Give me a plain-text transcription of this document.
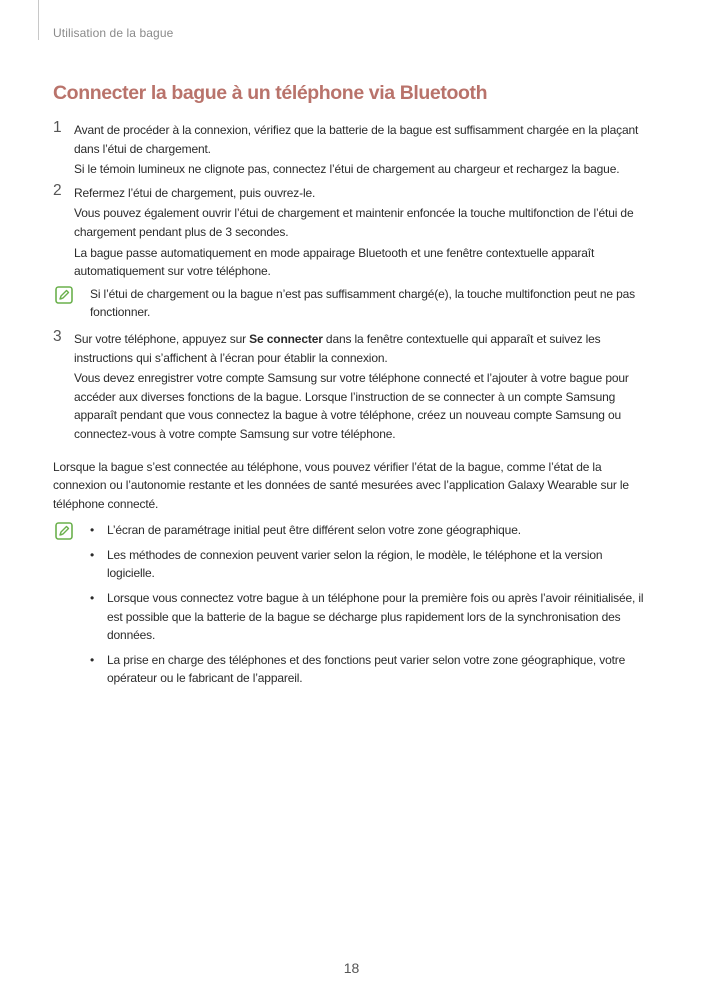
Utilisation de la bague
Connecter la bague à un téléphone via Bluetooth
1 Avant de procéder à la connexion, vérifiez que la batterie de la bague est suffisamment chargée en la plaçant dans l’étui de chargement.

Si le témoin lumineux ne clignote pas, connectez l’étui de chargement au chargeur et rechargez la bague.

2 Refermez l’étui de chargement, puis ouvrez-le.

Vous pouvez également ouvrir l’étui de chargement et maintenir enfoncée la touche multifonction de l’étui de chargement pendant plus de 3 secondes.

La bague passe automatiquement en mode appairage Bluetooth et une fenêtre contextuelle apparaît automatiquement sur votre téléphone.

Si l’étui de chargement ou la bague n’est pas suffisamment chargé(e), la touche multifonction peut ne pas fonctionner.

3 Sur votre téléphone, appuyez sur Se connecter dans la fenêtre contextuelle qui apparaît et suivez les instructions qui s’affichent à l’écran pour établir la connexion.

Vous devez enregistrer votre compte Samsung sur votre téléphone connecté et l’ajouter à votre bague pour accéder aux diverses fonctions de la bague. Lorsque l’instruction de se connecter à un compte Samsung apparaît pendant que vous connectez la bague à votre téléphone, créez un nouveau compte Samsung ou connectez-vous à votre compte Samsung sur votre téléphone.

Lorsque la bague s’est connectée au téléphone, vous pouvez vérifier l’état de la bague, comme l’état de la connexion ou l’autonomie restante et les données de santé mesurées avec l’application Galaxy Wearable sur le téléphone connecté.

• L’écran de paramétrage initial peut être différent selon votre zone géographique.
• Les méthodes de connexion peuvent varier selon la région, le modèle, le téléphone et la version logicielle.
• Lorsque vous connectez votre bague à un téléphone pour la première fois ou après l’avoir réinitialisée, il est possible que la batterie de la bague se décharge plus rapidement lors de la synchronisation des données.
• La prise en charge des téléphones et des fonctions peut varier selon votre zone géographique, votre opérateur ou le fabricant de l’appareil.
18
